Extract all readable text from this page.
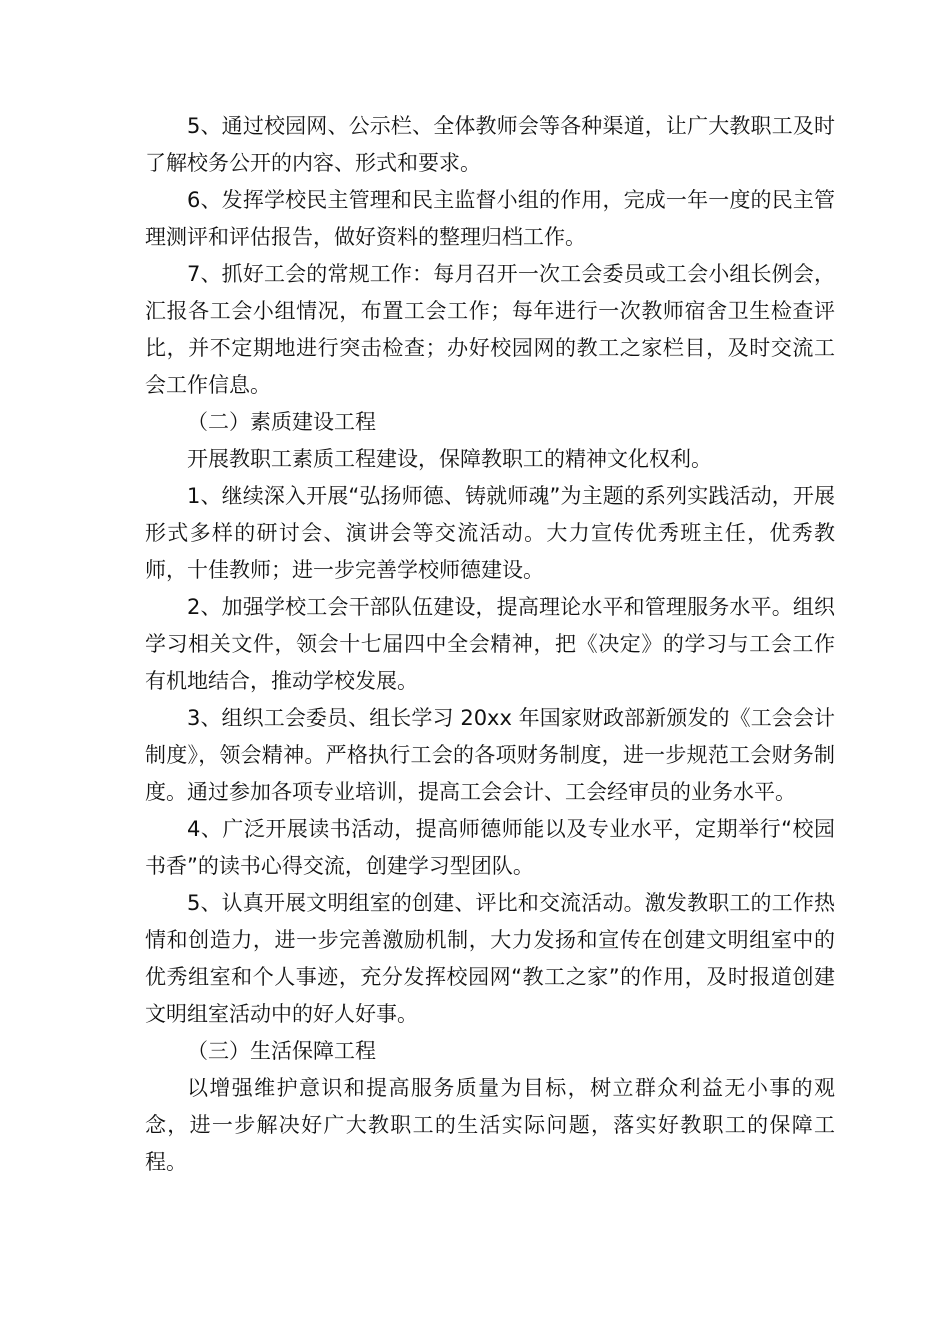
5、通过校园网、公示栏、全体教师会等各种渠道，让广大教职工及时了解校务公开的内容、形式和要求。

6、发挥学校民主管理和民主监督小组的作用，完成一年一度的民主管理测评和评估报告，做好资料的整理归档工作。

7、抓好工会的常规工作：每月召开一次工会委员或工会小组长例会，汇报各工会小组情况，布置工会工作；每年进行一次教师宿舍卫生检查评比，并不定期地进行突击检查；办好校园网的教工之家栏目，及时交流工会工作信息。

（二）素质建设工程

开展教职工素质工程建设，保障教职工的精神文化权利。

1、继续深入开展“弘扬师德、铸就师魂”为主题的系列实践活动，开展形式多样的研讨会、演讲会等交流活动。大力宣传优秀班主任，优秀教师，十佳教师；进一步完善学校师德建设。

2、加强学校工会干部队伍建设，提高理论水平和管理服务水平。组织学习相关文件，领会十七届四中全会精神，把《决定》的学习与工会工作有机地结合，推动学校发展。

3、组织工会委员、组长学习 20xx 年国家财政部新颁发的《工会会计制度》，领会精神。严格执行工会的各项财务制度，进一步规范工会财务制度。通过参加各项专业培训，提高工会会计、工会经审员的业务水平。

4、广泛开展读书活动，提高师德师能以及专业水平，定期举行“校园书香”的读书心得交流，创建学习型团队。

5、认真开展文明组室的创建、评比和交流活动。激发教职工的工作热情和创造力，进一步完善激励机制，大力发扬和宣传在创建文明组室中的优秀组室和个人事迹，充分发挥校园网“教工之家”的作用，及时报道创建文明组室活动中的好人好事。

（三）生活保障工程

以增强维护意识和提高服务质量为目标，树立群众利益无小事的观念，进一步解决好广大教职工的生活实际问题，落实好教职工的保障工程。
